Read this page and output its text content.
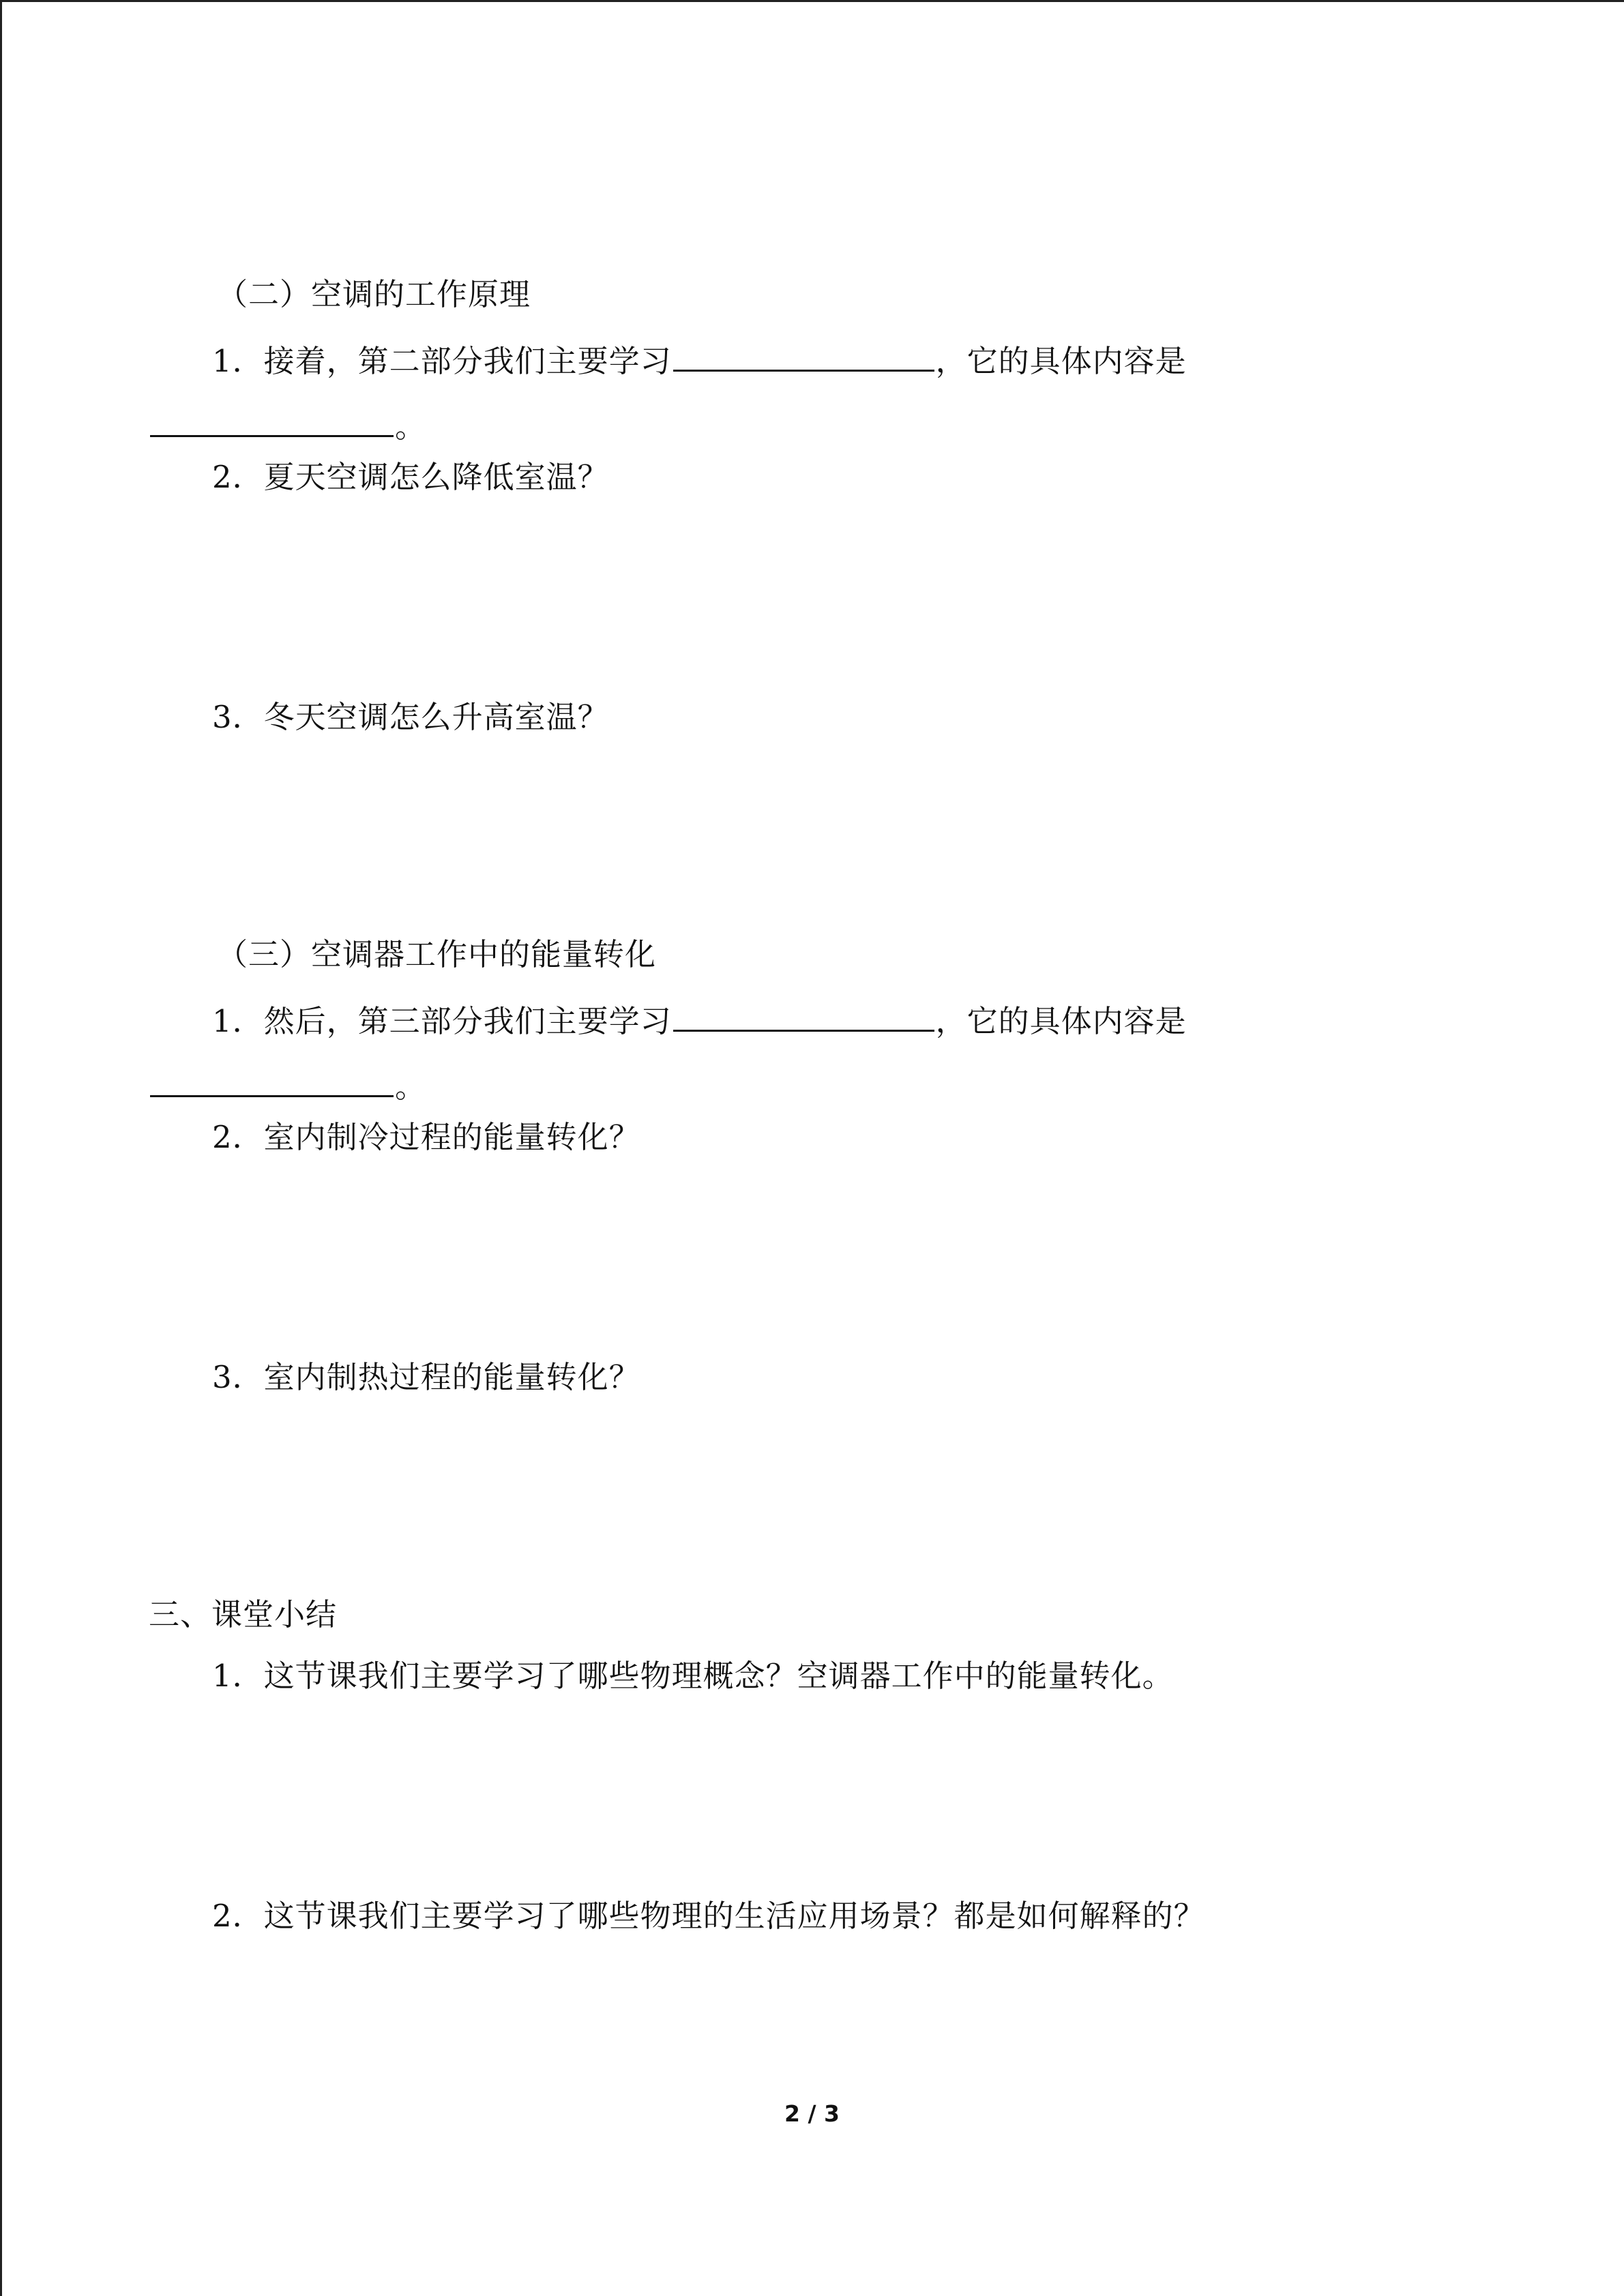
（二）空调的工作原理
1．接着，第二部分我们主要学习	，它的具体内容是
。
2．夏天空调怎么降低室温？
3．冬天空调怎么升高室温？
（三）空调器工作中的能量转化
1．然后，第三部分我们主要学习	，它的具体内容是
。
2．室内制冷过程的能量转化？
3．室内制热过程的能量转化？
三、课堂小结
1．这节课我们主要学习了哪些物理概念？空调器工作中的能量转化。
2．这节课我们主要学习了哪些物理的生活应用场景？都是如何解释的？
2 / 3
